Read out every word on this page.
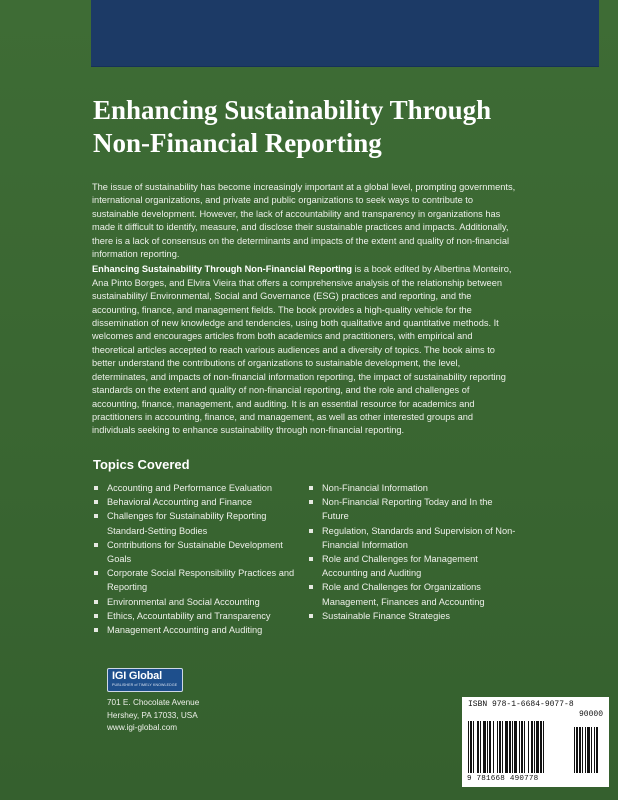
Enhancing Sustainability Through
Non-Financial Reporting

The issue of sustainability has become increasingly important at a global level, prompting governments, international organizations, and private and public organizations to seek ways to contribute to sustainable development. However, the lack of accountability and transparency in organizations has made it difficult to identify, measure, and disclose their sustainable practices and impacts. Additionally, there is a lack of consensus on the determinants and impacts of the extent and quality of non-financial information reporting.

Enhancing Sustainability Through Non-Financial Reporting is a book edited by Albertina Monteiro, Ana Pinto Borges, and Elvira Vieira that offers a comprehensive analysis of the relationship between sustainability/ Environmental, Social and Governance (ESG) practices and reporting, and the accounting, finance, and management fields. The book provides a high-quality vehicle for the dissemination of new knowledge and tendencies, using both qualitative and quantitative methods. It welcomes and encourages articles from both academics and practitioners, with empirical and theoretical articles accepted to reach various audiences and a diversity of topics. The book aims to better understand the contributions of organizations to sustainable development, the level, determinates, and impacts of non-financial information reporting, the impact of sustainability reporting standards on the extent and quality of non-financial reporting, and the role and challenges of accounting, finance, management, and auditing. It is an essential resource for academics and practitioners in accounting, finance, and management, as well as other interested groups and individuals seeking to enhance sustainability through non-financial reporting.

Topics Covered
Accounting and Performance Evaluation
Behavioral Accounting and Finance
Challenges for Sustainability Reporting Standard-Setting Bodies
Contributions for Sustainable Development Goals
Corporate Social Responsibility Practices and Reporting
Environmental and Social Accounting
Ethics, Accountability and Transparency
Management Accounting and Auditing
Non-Financial Information
Non-Financial Reporting Today and In the Future
Regulation, Standards and Supervision of Non-Financial Information
Role and Challenges for Management Accounting and Auditing
Role and Challenges for Organizations Management, Finances and Accounting
Sustainable Finance Strategies
IGI Global
PUBLISHER of TIMELY KNOWLEDGE
701 E. Chocolate Avenue
Hershey, PA 17033, USA
www.igi-global.com
ISBN 978-1-6684-9077-8
90000
9 781668 490778
